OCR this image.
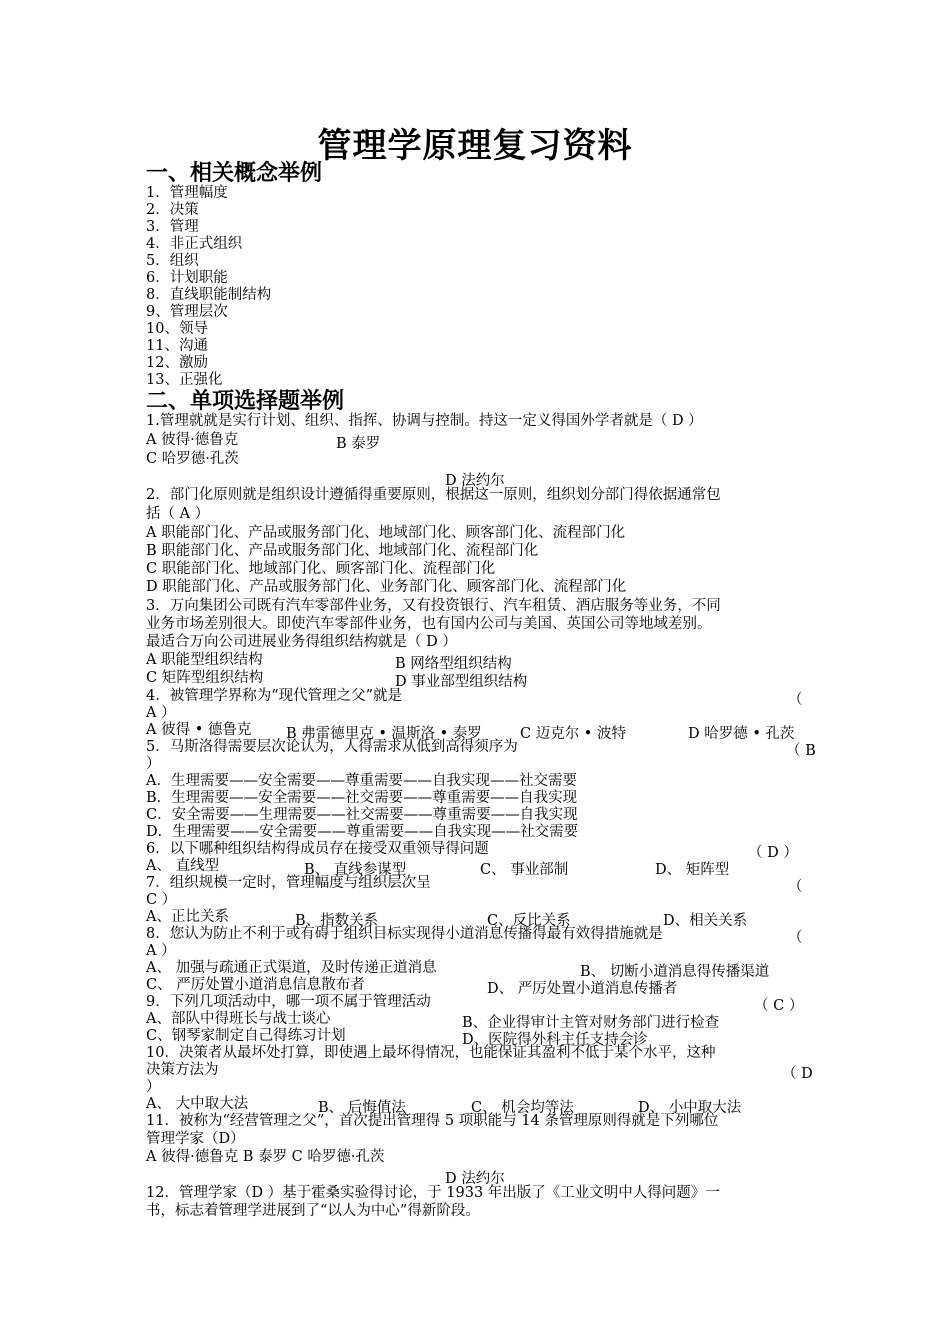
管理学原理复习资料
一、相关概念举例
1．管理幅度
2．决策
3．管理
4．非正式组织
5．组织
6．计划职能
8．直线职能制结构
9、管理层次
10、领导
11、沟通
12、激励
13、正强化
二、单项选择题举例
1.管理就就是实行计划、组织、指挥、协调与控制。持这一定义得国外学者就是（ D ）
A 彼得·德鲁克	B 泰罗
C 哈罗德·孔茨
D 法约尔
2．部门化原则就是组织设计遵循得重要原则，根据这一原则，组织划分部门得依据通常包
括（ A ）
A 职能部门化、产品或服务部门化、地域部门化、顾客部门化、流程部门化
B 职能部门化、产品或服务部门化、地域部门化、流程部门化
C 职能部门化、地域部门化、顾客部门化、流程部门化
D 职能部门化、产品或服务部门化、业务部门化、顾客部门化、流程部门化
3．万向集团公司既有汽车零部件业务，又有投资银行、汽车租赁、酒店服务等业务，不同
业务市场差别很大。即使汽车零部件业务，也有国内公司与美国、英国公司等地域差别。
最适合万向公司进展业务得组织结构就是（ D ）
A 职能型组织结构	B 网络型组织结构
C 矩阵型组织结构	D 事业部型组织结构
4．被管理学界称为“现代管理之父”就是	（
A ）
A 彼得 • 德鲁克 B 弗雷德里克 • 温斯洛 • 泰罗	C 迈克尔 • 波特	D 哈罗德 • 孔茨
5．马斯洛得需要层次论认为，人得需求从低到高得须序为	（ B
）
A．生理需要——安全需要——尊重需要——自我实现——社交需要
B．生理需要——安全需要——社交需要——尊重需要——自我实现
C．安全需要——生理需要——社交需要——尊重需要——自我实现
D．生理需要——安全需要——尊重需要——自我实现——社交需要
6．以下哪种组织结构得成员存在接受双重领导得问题	（ D ）
A、 直线型	B、 直线参谋型	C、 事业部制	D、 矩阵型
7．组织规模一定时，管理幅度与组织层次呈	（
C ）
A、正比关系	B、指数关系	C、反比关系	D、相关关系
8．您认为防止不利于或有碍于组织目标实现得小道消息传播得最有效得措施就是	（
A ）
A、 加强与疏通正式渠道，及时传递正道消息	B、 切断小道消息得传播渠道
C、 严厉处置小道消息信息散布者	D、 严厉处置小道消息传播者
9．下列几项活动中，哪一项不属于管理活动	（ C ）
A、部队中得班长与战士谈心	B、企业得审计主管对财务部门进行检查
C、钢琴家制定自己得练习计划	D、医院得外科主任支持会诊
10．决策者从最坏处打算，即使遇上最坏得情况，也能保证其盈利不低于某个水平，这种
决策方法为	（ D
）
A、 大中取大法	B、 后悔值法	C、 机会均等法	D、 小中取大法
11．被称为“经营管理之父”，首次提出管理得 5 项职能与 14 条管理原则得就是下列哪位
管理学家（D）
A 彼得·德鲁克 B 泰罗 C 哈罗德·孔茨
D 法约尔
12．管理学家（D ）基于霍桑实验得讨论，于 1933 年出版了《工业文明中人得问题》一
书，标志着管理学进展到了“以人为中心”得新阶段。
